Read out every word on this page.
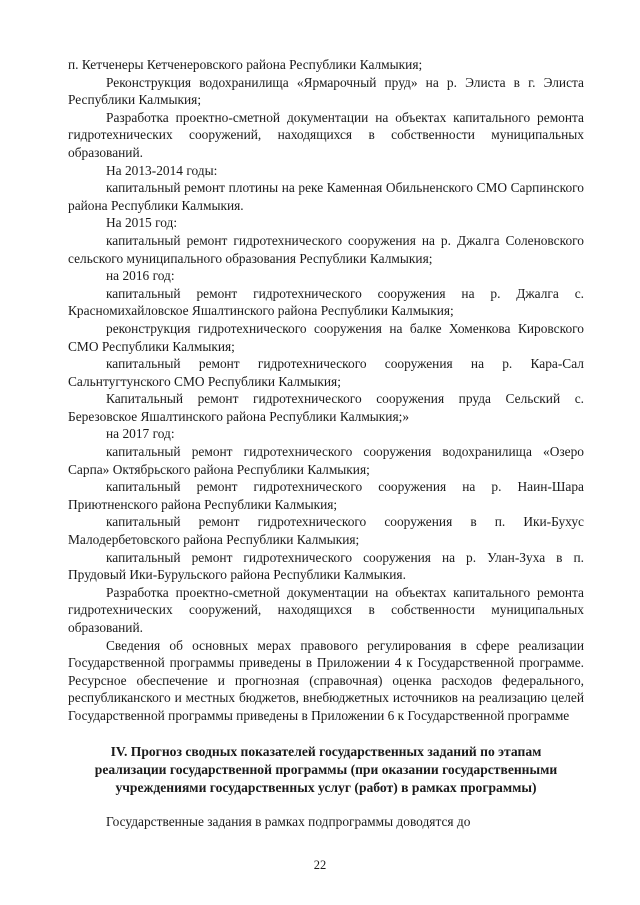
п. Кетченеры Кетченеровского района Республики Калмыкия;

Реконструкция водохранилища «Ярмарочный пруд» на р. Элиста в г. Элиста Республики Калмыкия;

Разработка проектно-сметной документации на объектах капитального ремонта гидротехнических сооружений, находящихся в собственности муниципальных образований.

На 2013-2014 годы:

капитальный ремонт плотины на реке Каменная Обильненского СМО Сарпинского района Республики Калмыкия.

На 2015 год:

капитальный ремонт гидротехнического сооружения на р. Джалга Соленовского сельского муниципального образования Республики Калмыкия;

на 2016 год:

капитальный ремонт гидротехнического сооружения на р. Джалга с. Красномихайловское Яшалтинского района Республики Калмыкия;

реконструкция гидротехнического сооружения на балке Хоменкова Кировского СМО Республики Калмыкия;

капитальный ремонт гидротехнического сооружения на р. Кара-Сал Сальнтугтунского СМО Республики Калмыкия;

Капитальный ремонт гидротехнического сооружения пруда Сельский с. Березовское Яшалтинского района Республики Калмыкия;»

на 2017 год:

капитальный ремонт гидротехнического сооружения водохранилища «Озеро Сарпа» Октябрьского района Республики Калмыкия;

капитальный ремонт гидротехнического сооружения на р. Наин-Шара Приютненского района Республики Калмыкия;

капитальный ремонт гидротехнического сооружения в п. Ики-Бухус Малодербетовского района Республики Калмыкия;

капитальный ремонт гидротехнического сооружения на р. Улан-Зуха в п. Прудовый Ики-Бурульского района Республики Калмыкия.

Разработка проектно-сметной документации на объектах капитального ремонта гидротехнических сооружений, находящихся в собственности муниципальных образований.

Сведения об основных мерах правового регулирования в сфере реализации Государственной программы приведены в Приложении 4 к Государственной программе. Ресурсное обеспечение и прогнозная (справочная) оценка расходов федерального, республиканского и местных бюджетов, внебюджетных источников на реализацию целей Государственной программы приведены в Приложении 6 к Государственной программе

IV. Прогноз сводных показателей государственных заданий по этапам
реализации государственной программы (при оказании государственными
учреждениями государственных услуг (работ) в рамках программы)

Государственные задания в рамках подпрограммы доводятся до

22
